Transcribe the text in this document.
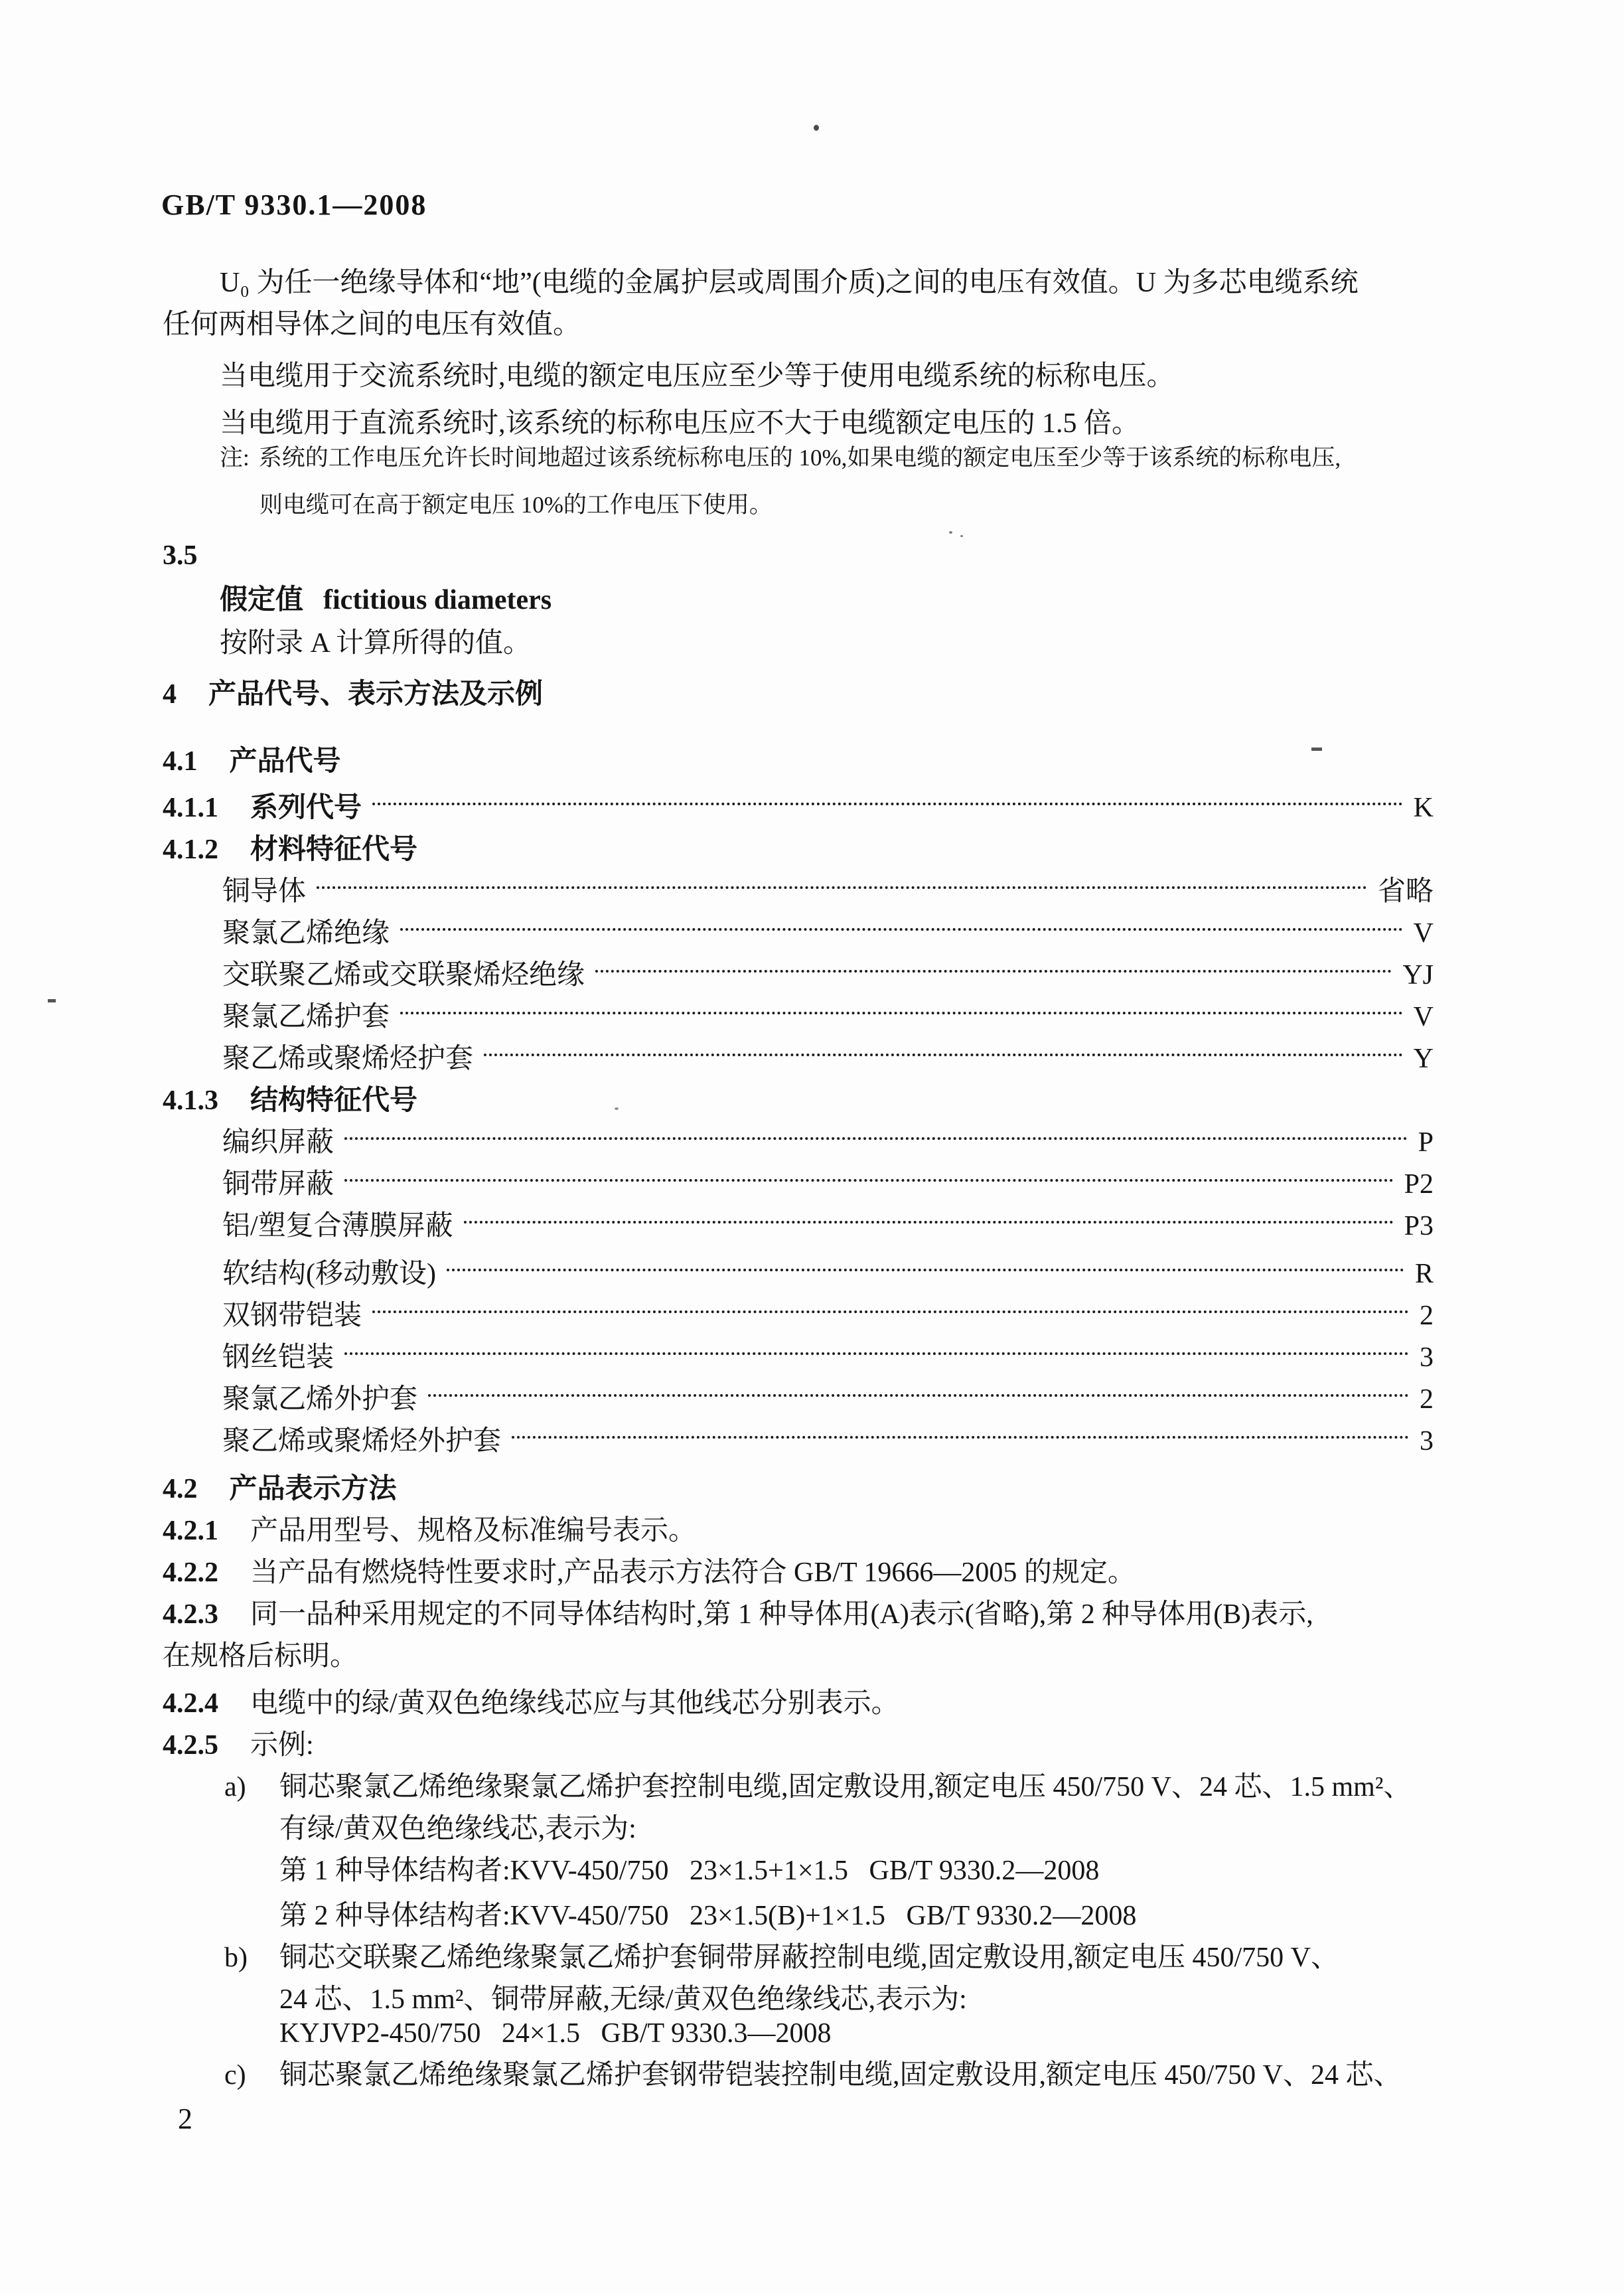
GB/T 9330.1—2008
U₀ 为任一绝缘导体和“地”(电缆的金属护层或周围介质)之间的电压有效值。U 为多芯电缆系统
任何两相导体之间的电压有效值。
当电缆用于交流系统时,电缆的额定电压应至少等于使用电缆系统的标称电压。
当电缆用于直流系统时,该系统的标称电压应不大于电缆额定电压的 1.5 倍。
注: 系统的工作电压允许长时间地超过该系统标称电压的 10%,如果电缆的额定电压至少等于该系统的标称电压,
则电缆可在高于额定电压 10%的工作电压下使用。
3.5
假定值 fictitious diameters
按附录 A 计算所得的值。
4 产品代号、表示方法及示例
4.1 产品代号
4.1.1 系列代号	K
4.1.2 材料特征代号
铜导体	省略
聚氯乙烯绝缘	V
交联聚乙烯或交联聚烯烃绝缘	YJ
聚氯乙烯护套	V
聚乙烯或聚烯烃护套	Y
4.1.3 结构特征代号
编织屏蔽	P
铜带屏蔽	P2
铝/塑复合薄膜屏蔽	P3
软结构(移动敷设)	R
双钢带铠装	2
钢丝铠装	3
聚氯乙烯外护套	2
聚乙烯或聚烯烃外护套	3
4.2 产品表示方法
4.2.1 产品用型号、规格及标准编号表示。
4.2.2 当产品有燃烧特性要求时,产品表示方法符合 GB/T 19666—2005 的规定。
4.2.3 同一品种采用规定的不同导体结构时,第 1 种导体用(A)表示(省略),第 2 种导体用(B)表示,
在规格后标明。
4.2.4 电缆中的绿/黄双色绝缘线芯应与其他线芯分别表示。
4.2.5 示例:
a)	铜芯聚氯乙烯绝缘聚氯乙烯护套控制电缆,固定敷设用,额定电压 450/750 V、24 芯、1.5 mm²、
有绿/黄双色绝缘线芯,表示为:
第 1 种导体结构者:KVV-450/750   23×1.5+1×1.5   GB/T 9330.2—2008
第 2 种导体结构者:KVV-450/750   23×1.5(B)+1×1.5   GB/T 9330.2—2008
b)	铜芯交联聚乙烯绝缘聚氯乙烯护套铜带屏蔽控制电缆,固定敷设用,额定电压 450/750 V、
24 芯、1.5 mm²、铜带屏蔽,无绿/黄双色绝缘线芯,表示为:
KYJVP2-450/750   24×1.5   GB/T 9330.3—2008
c)	铜芯聚氯乙烯绝缘聚氯乙烯护套钢带铠装控制电缆,固定敷设用,额定电压 450/750 V、24 芯、
2
